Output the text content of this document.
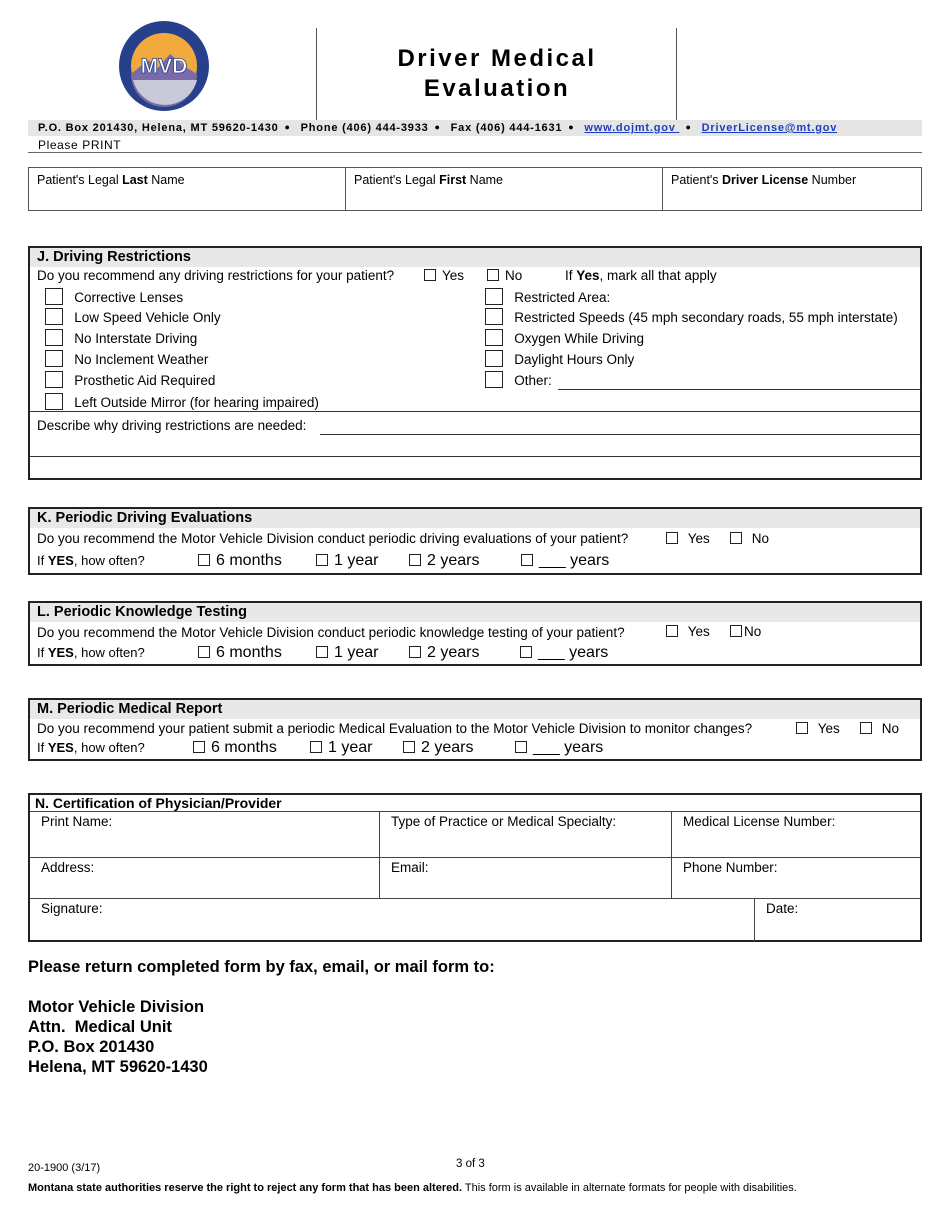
MVD	Driver Medical
Evaluation
P.O. Box 201430, Helena, MT 59620-1430 ● Phone (406) 444-3933 ● Fax (406) 444-1631 ● www.dojmt.gov ● DriverLicense@mt.gov
Please PRINT
Patient's Legal Last Name	Patient's Legal First Name	Patient's Driver License Number
J. Driving Restrictions
Do you recommend any driving restrictions for your patient?	Yes	No	If Yes, mark all that apply
Corrective Lenses
Low Speed Vehicle Only
No Interstate Driving
No Inclement Weather
Prosthetic Aid Required
Left Outside Mirror (for hearing impaired)
Restricted Area:
Restricted Speeds (45 mph secondary roads, 55 mph interstate)
Oxygen While Driving
Daylight Hours Only
Other:
Describe why driving restrictions are needed:
K. Periodic Driving Evaluations
Do you recommend the Motor Vehicle Division conduct periodic driving evaluations of your patient?	Yes	No
If YES, how often?	6 months	1 year	2 years	___ years
L. Periodic Knowledge Testing
Do you recommend the Motor Vehicle Division conduct periodic knowledge testing of your patient?	Yes	No
If YES, how often?	6 months	1 year	2 years	___ years
M. Periodic Medical Report
Do you recommend your patient submit a periodic Medical Evaluation to the Motor Vehicle Division to monitor changes?	Yes	No
If YES, how often?	6 months	1 year	2 years	___ years
N. Certification of Physician/Provider
Print Name:	Type of Practice or Medical Specialty:	Medical License Number:
Address:	Email:	Phone Number:
Signature:	Date:
Please return completed form by fax, email, or mail form to:
Motor Vehicle Division
Attn.  Medical Unit
P.O. Box 201430
Helena, MT 59620-1430
20-1900 (3/17)	3 of 3
Montana state authorities reserve the right to reject any form that has been altered. This form is available in alternate formats for people with disabilities.
